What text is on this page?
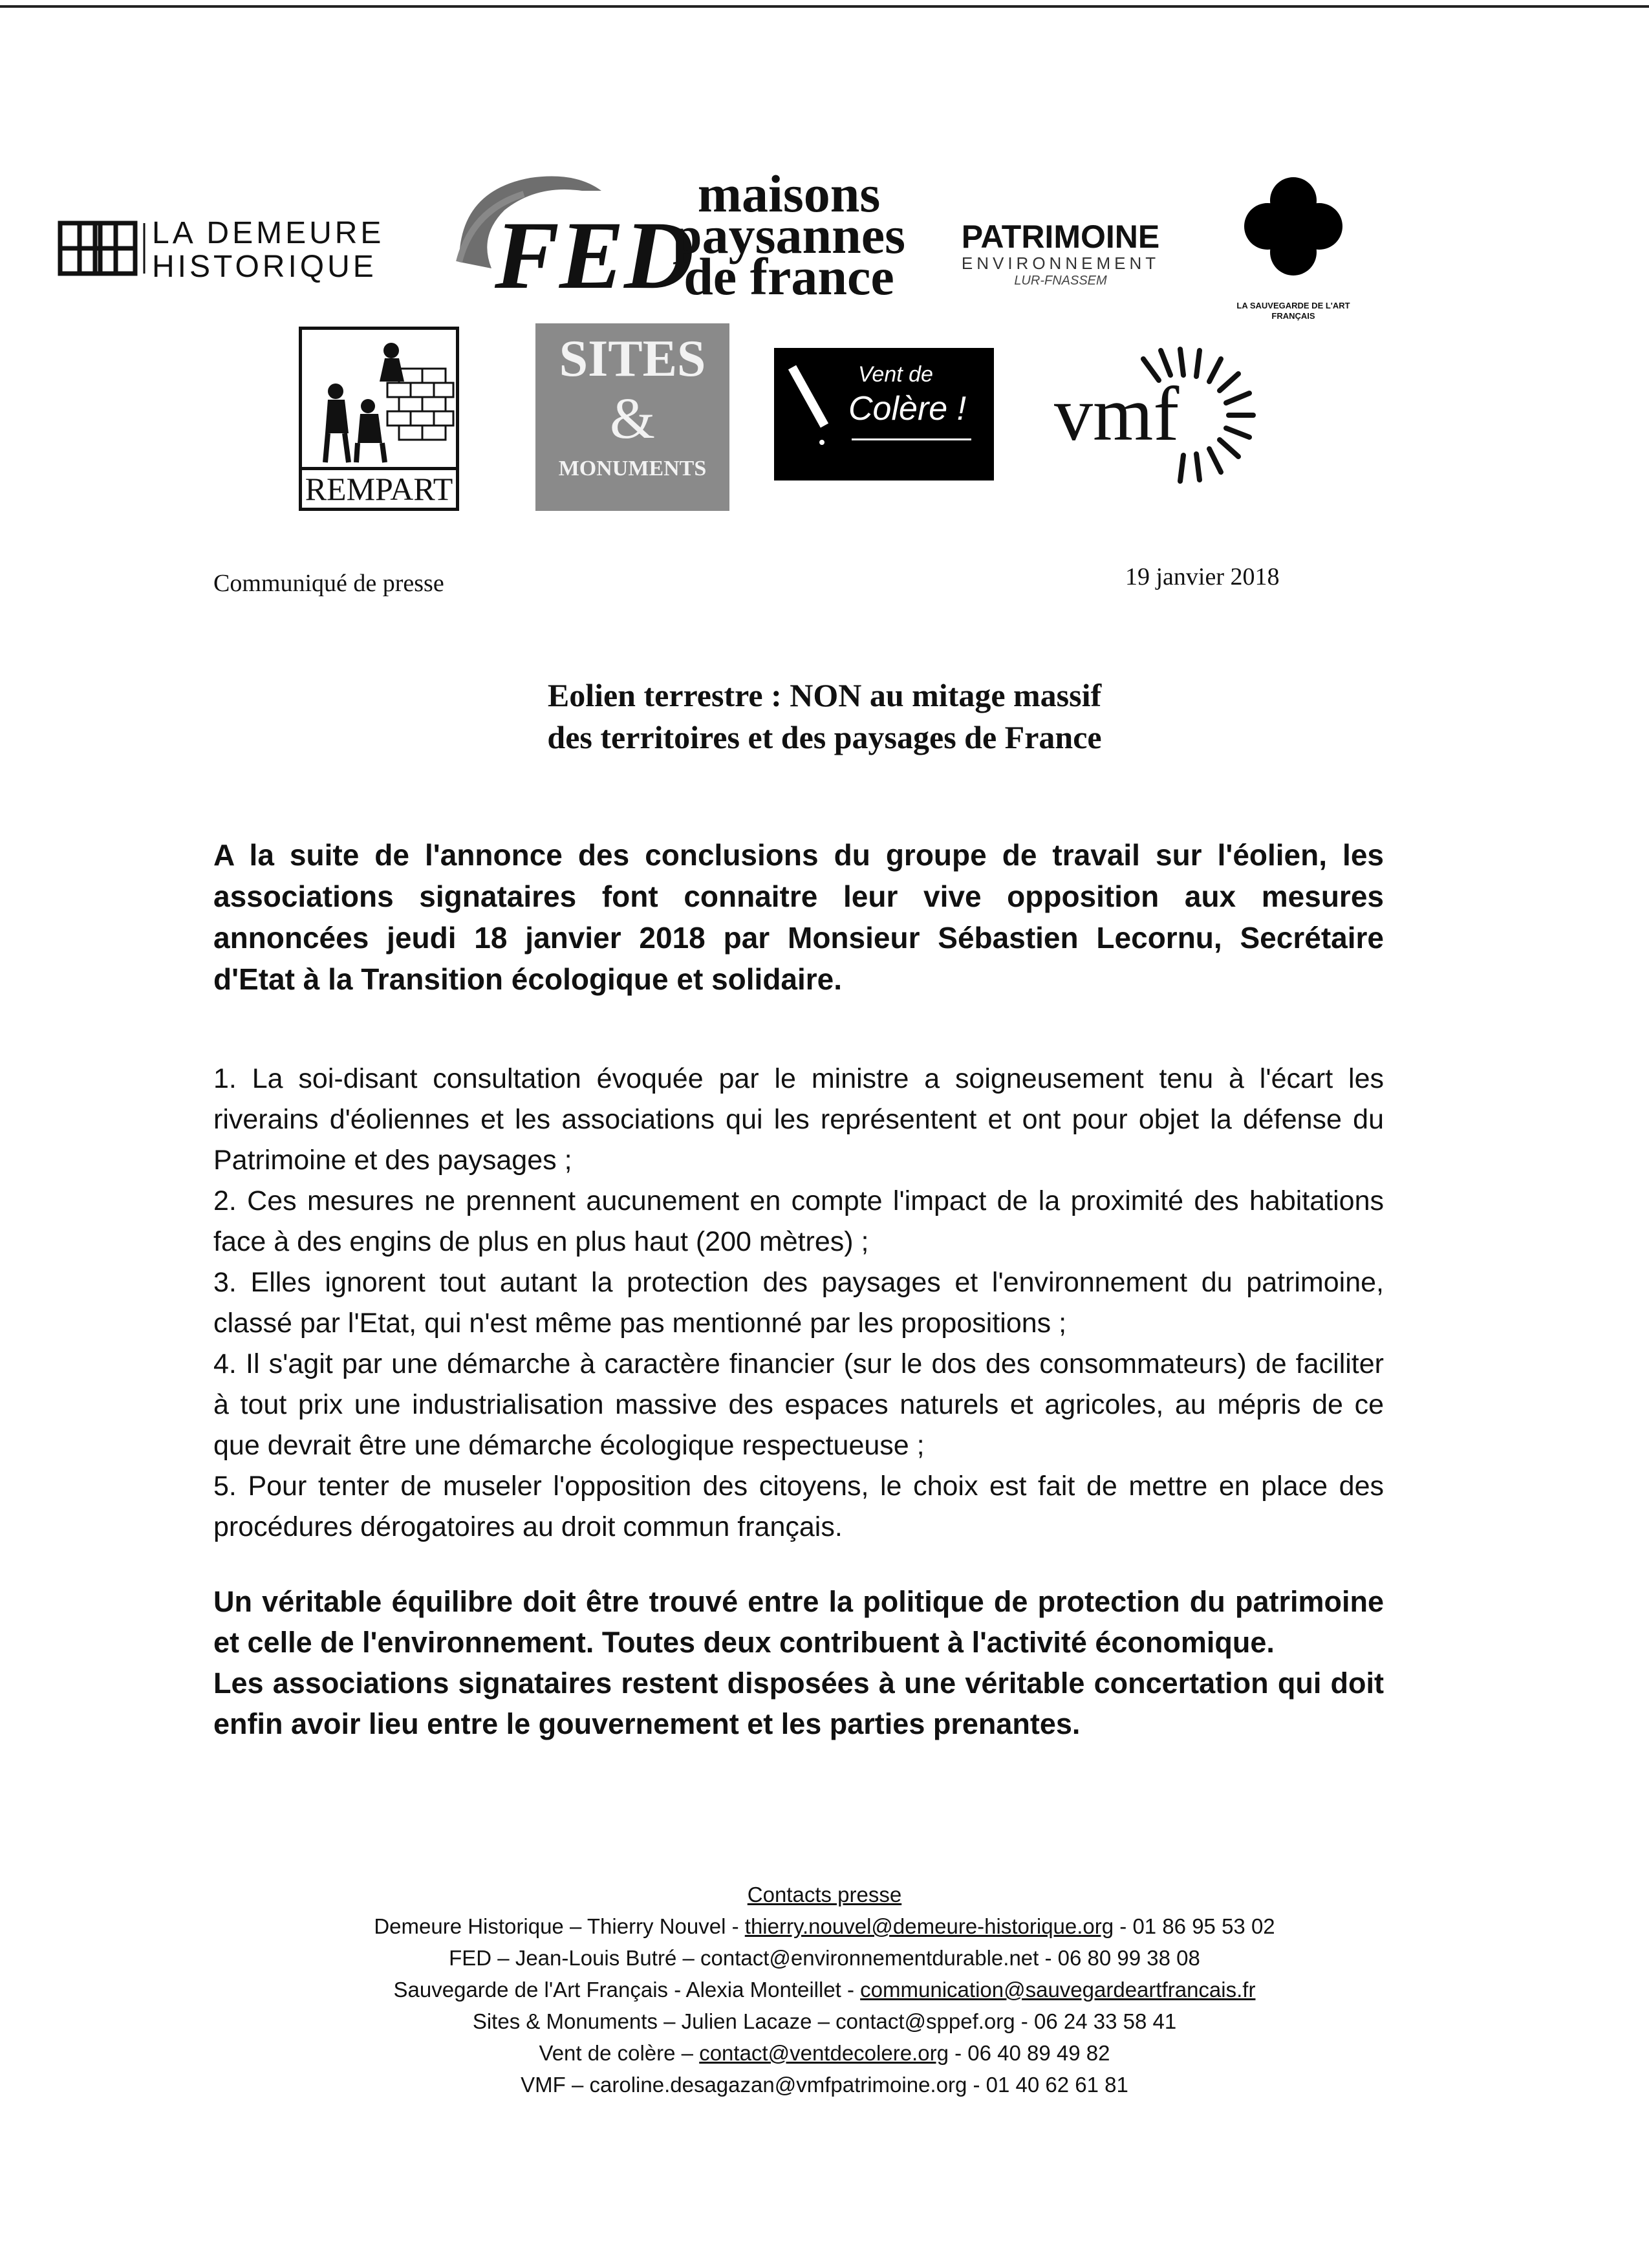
LA DEMEURE
HISTORIQUE FED
maisons
paysannes
de france
PATRIMOINE
ENVIRONNEMENT
LUR-FNASSEM
LA SAUVEGARDE DE L'ART
FRANÇAIS
REMPART
SITES
&
MONUMENTS
Vent de
Colère ! vmf
Communiqué de presse	19 janvier 2018
Eolien terrestre : NON au mitage massif
des territoires et des paysages de France
A la suite de l'annonce des conclusions du groupe de travail sur l'éolien, les associations signataires font connaitre leur vive opposition aux mesures annoncées jeudi 18 janvier 2018 par Monsieur Sébastien Lecornu, Secrétaire d'Etat à la Transition écologique et solidaire.

1. La soi-disant consultation évoquée par le ministre a soigneusement tenu à l'écart les riverains d'éoliennes et les associations qui les représentent et ont pour objet la défense du Patrimoine et des paysages ;

2. Ces mesures ne prennent aucunement en compte l'impact de la proximité des habitations face à des engins de plus en plus haut (200 mètres) ;

3. Elles ignorent tout autant la protection des paysages et l'environnement du patrimoine, classé par l'Etat, qui n'est même pas mentionné par les propositions ;

4. Il s'agit par une démarche à caractère financier (sur le dos des consommateurs) de faciliter à tout prix une industrialisation massive des espaces naturels et agricoles, au mépris de ce que devrait être une démarche écologique respectueuse ;

5. Pour tenter de museler l'opposition des citoyens, le choix est fait de mettre en place des procédures dérogatoires au droit commun français.

Un véritable équilibre doit être trouvé entre la politique de protection du patrimoine et celle de l'environnement. Toutes deux contribuent à l'activité économique.

Les associations signataires restent disposées à une véritable concertation qui doit enfin avoir lieu entre le gouvernement et les parties prenantes.

Contacts presse
Demeure Historique – Thierry Nouvel - thierry.nouvel@demeure-historique.org - 01 86 95 53 02
FED – Jean-Louis Butré – contact@environnementdurable.net - 06 80 99 38 08
Sauvegarde de l'Art Français - Alexia Monteillet - communication@sauvegardeartfrancais.fr
Sites & Monuments – Julien Lacaze – contact@sppef.org - 06 24 33 58 41
Vent de colère – contact@ventdecolere.org - 06 40 89 49 82
VMF – caroline.desagazan@vmfpatrimoine.org - 01 40 62 61 81
